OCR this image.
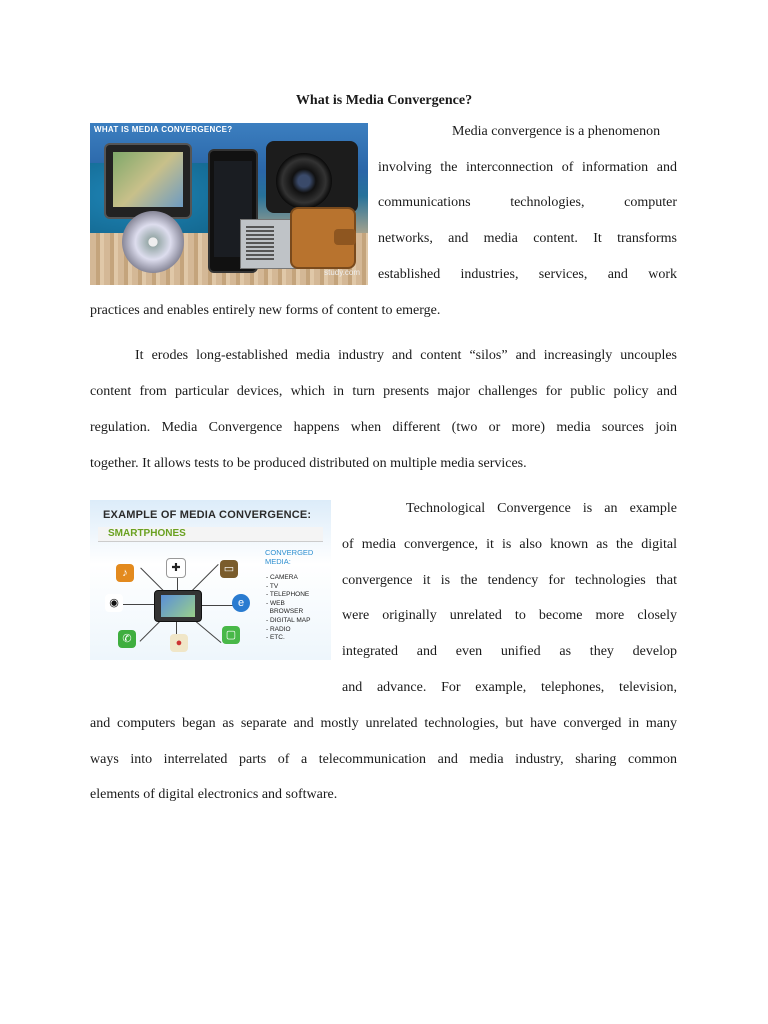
What is Media Convergence?
WHAT IS MEDIA CONVERGENCE?
study.com
Media convergence is a phenomenon
involving the interconnection of information and
communications technologies, computer
networks, and media content. It transforms
established industries, services, and work
practices and enables entirely new forms of content to emerge.
It erodes long-established media industry and content “silos” and increasingly uncouples
content from particular devices, which in turn presents major challenges for public policy and
regulation. Media Convergence happens when different (two or more) media sources join
together. It allows tests to be produced distributed on multiple media services.
EXAMPLE OF MEDIA CONVERGENCE:
SMARTPHONES
CONVERGED
MEDIA:
- CAMERA
- TV
- TELEPHONE
- WEB
BROWSER
- DIGITAL MAP
- RADIO
- ETC.
♪	✚	▭
◉	e
✆	●
▢
Technological Convergence is an example
of media convergence, it is also known as the digital
convergence it is the tendency for technologies that
were originally unrelated to become more closely
integrated and even unified as they develop
and advance. For example, telephones, television,
and computers began as separate and mostly unrelated technologies, but have converged in many
ways into interrelated parts of a telecommunication and media industry, sharing common
elements of digital electronics and software.
